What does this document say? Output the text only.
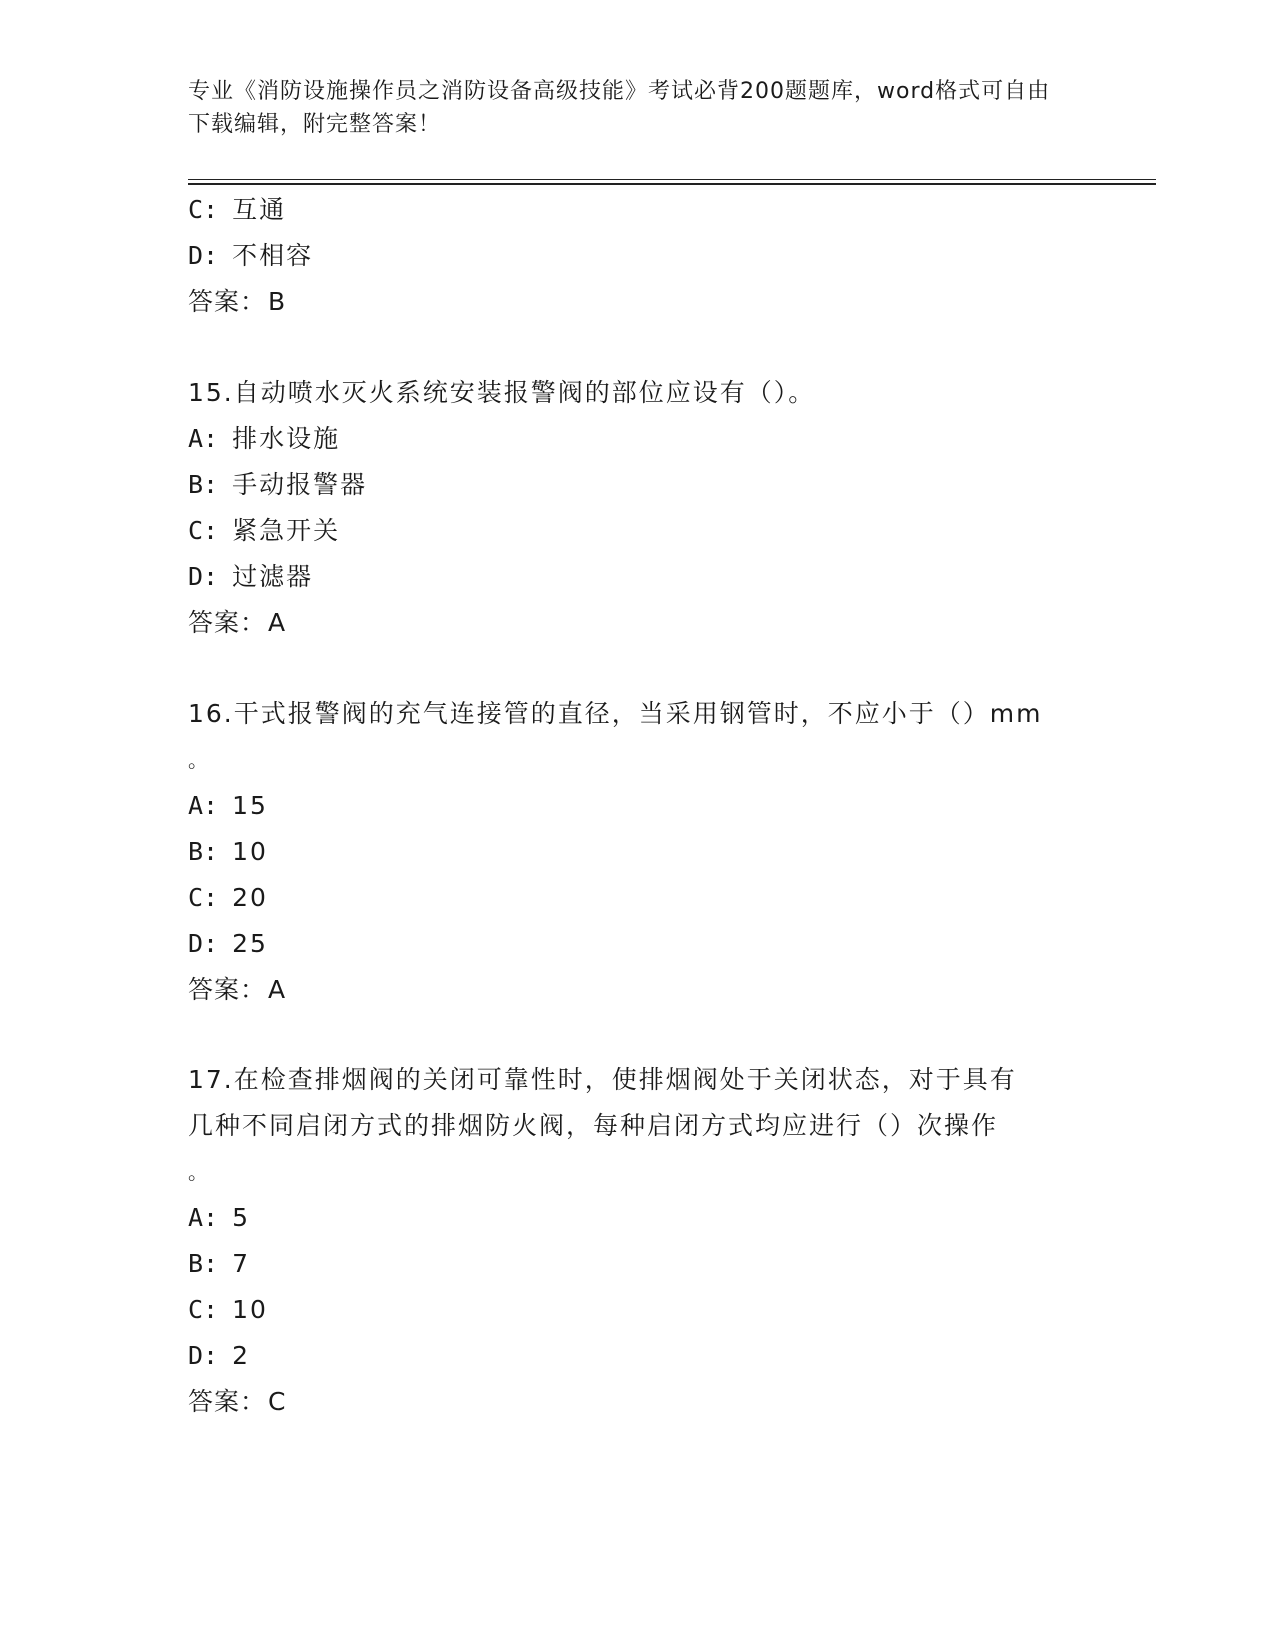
专业《消防设施操作员之消防设备高级技能》考试必背200题题库，word格式可自由下载编辑，附完整答案！
C: 互通
D: 不相容
答案：B
15.自动喷水灭火系统安装报警阀的部位应设有（）。
A: 排水设施
B: 手动报警器
C: 紧急开关
D: 过滤器
答案：A
16.干式报警阀的充气连接管的直径，当采用钢管时，不应小于（）mm
。
A: 15
B: 10
C: 20
D: 25
答案：A
17.在检查排烟阀的关闭可靠性时，使排烟阀处于关闭状态，对于具有
几种不同启闭方式的排烟防火阀，每种启闭方式均应进行（）次操作
。
A: 5
B: 7
C: 10
D: 2
答案：C
